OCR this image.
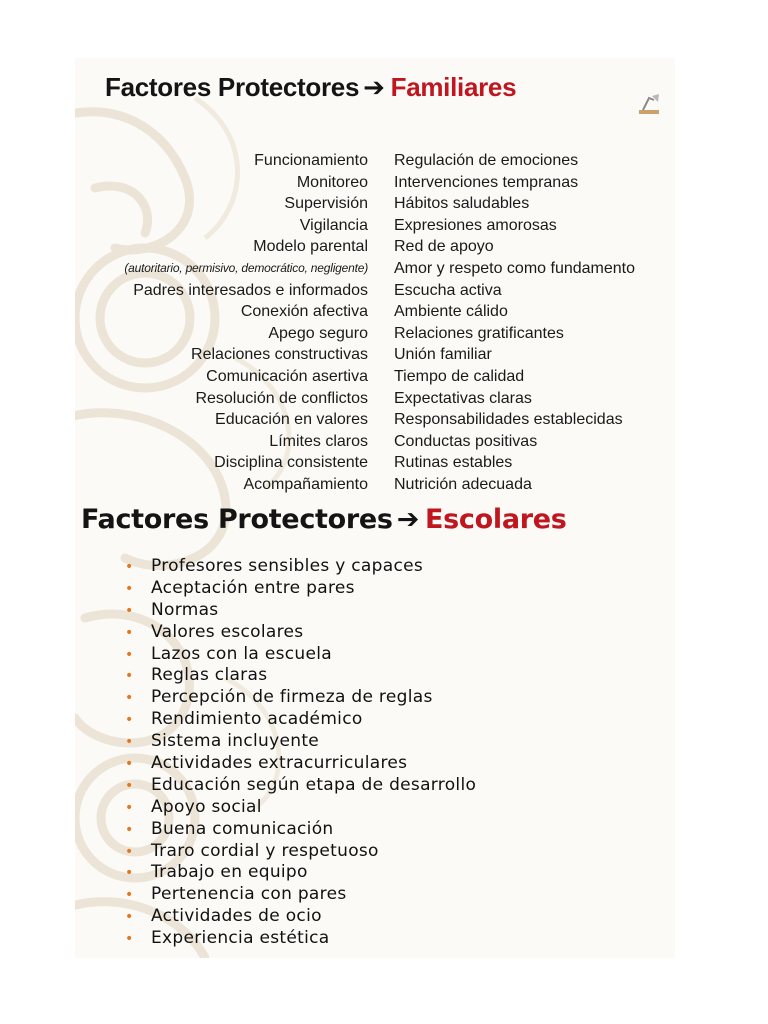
Factores Protectores ➔ Familiares
Funcionamiento
Monitoreo
Supervisión
Vigilancia
Modelo parental
(autoritario, permisivo, democrático, negligente)
Padres interesados e informados
Conexión afectiva
Apego seguro
Relaciones constructivas
Comunicación asertiva
Resolución de conflictos
Educación en valores
Límites claros
Disciplina consistente
Acompañamiento
Regulación de emociones
Intervenciones tempranas
Hábitos saludables
Expresiones amorosas
Red de apoyo
Amor y respeto como fundamento
Escucha activa
Ambiente cálido
Relaciones gratificantes
Unión familiar
Tiempo de calidad
Expectativas claras
Responsabilidades establecidas
Conductas positivas
Rutinas estables
Nutrición adecuada
Factores Protectores ➔ Escolares
• Profesores sensibles y capaces
• Aceptación entre pares
• Normas
• Valores escolares
• Lazos con la escuela
• Reglas claras
• Percepción de firmeza de reglas
• Rendimiento académico
• Sistema incluyente
• Actividades extracurriculares
• Educación según etapa de desarrollo
• Apoyo social
• Buena comunicación
• Traro cordial y respetuoso
• Trabajo en equipo
• Pertenencia con pares
• Actividades de ocio
• Experiencia estética
